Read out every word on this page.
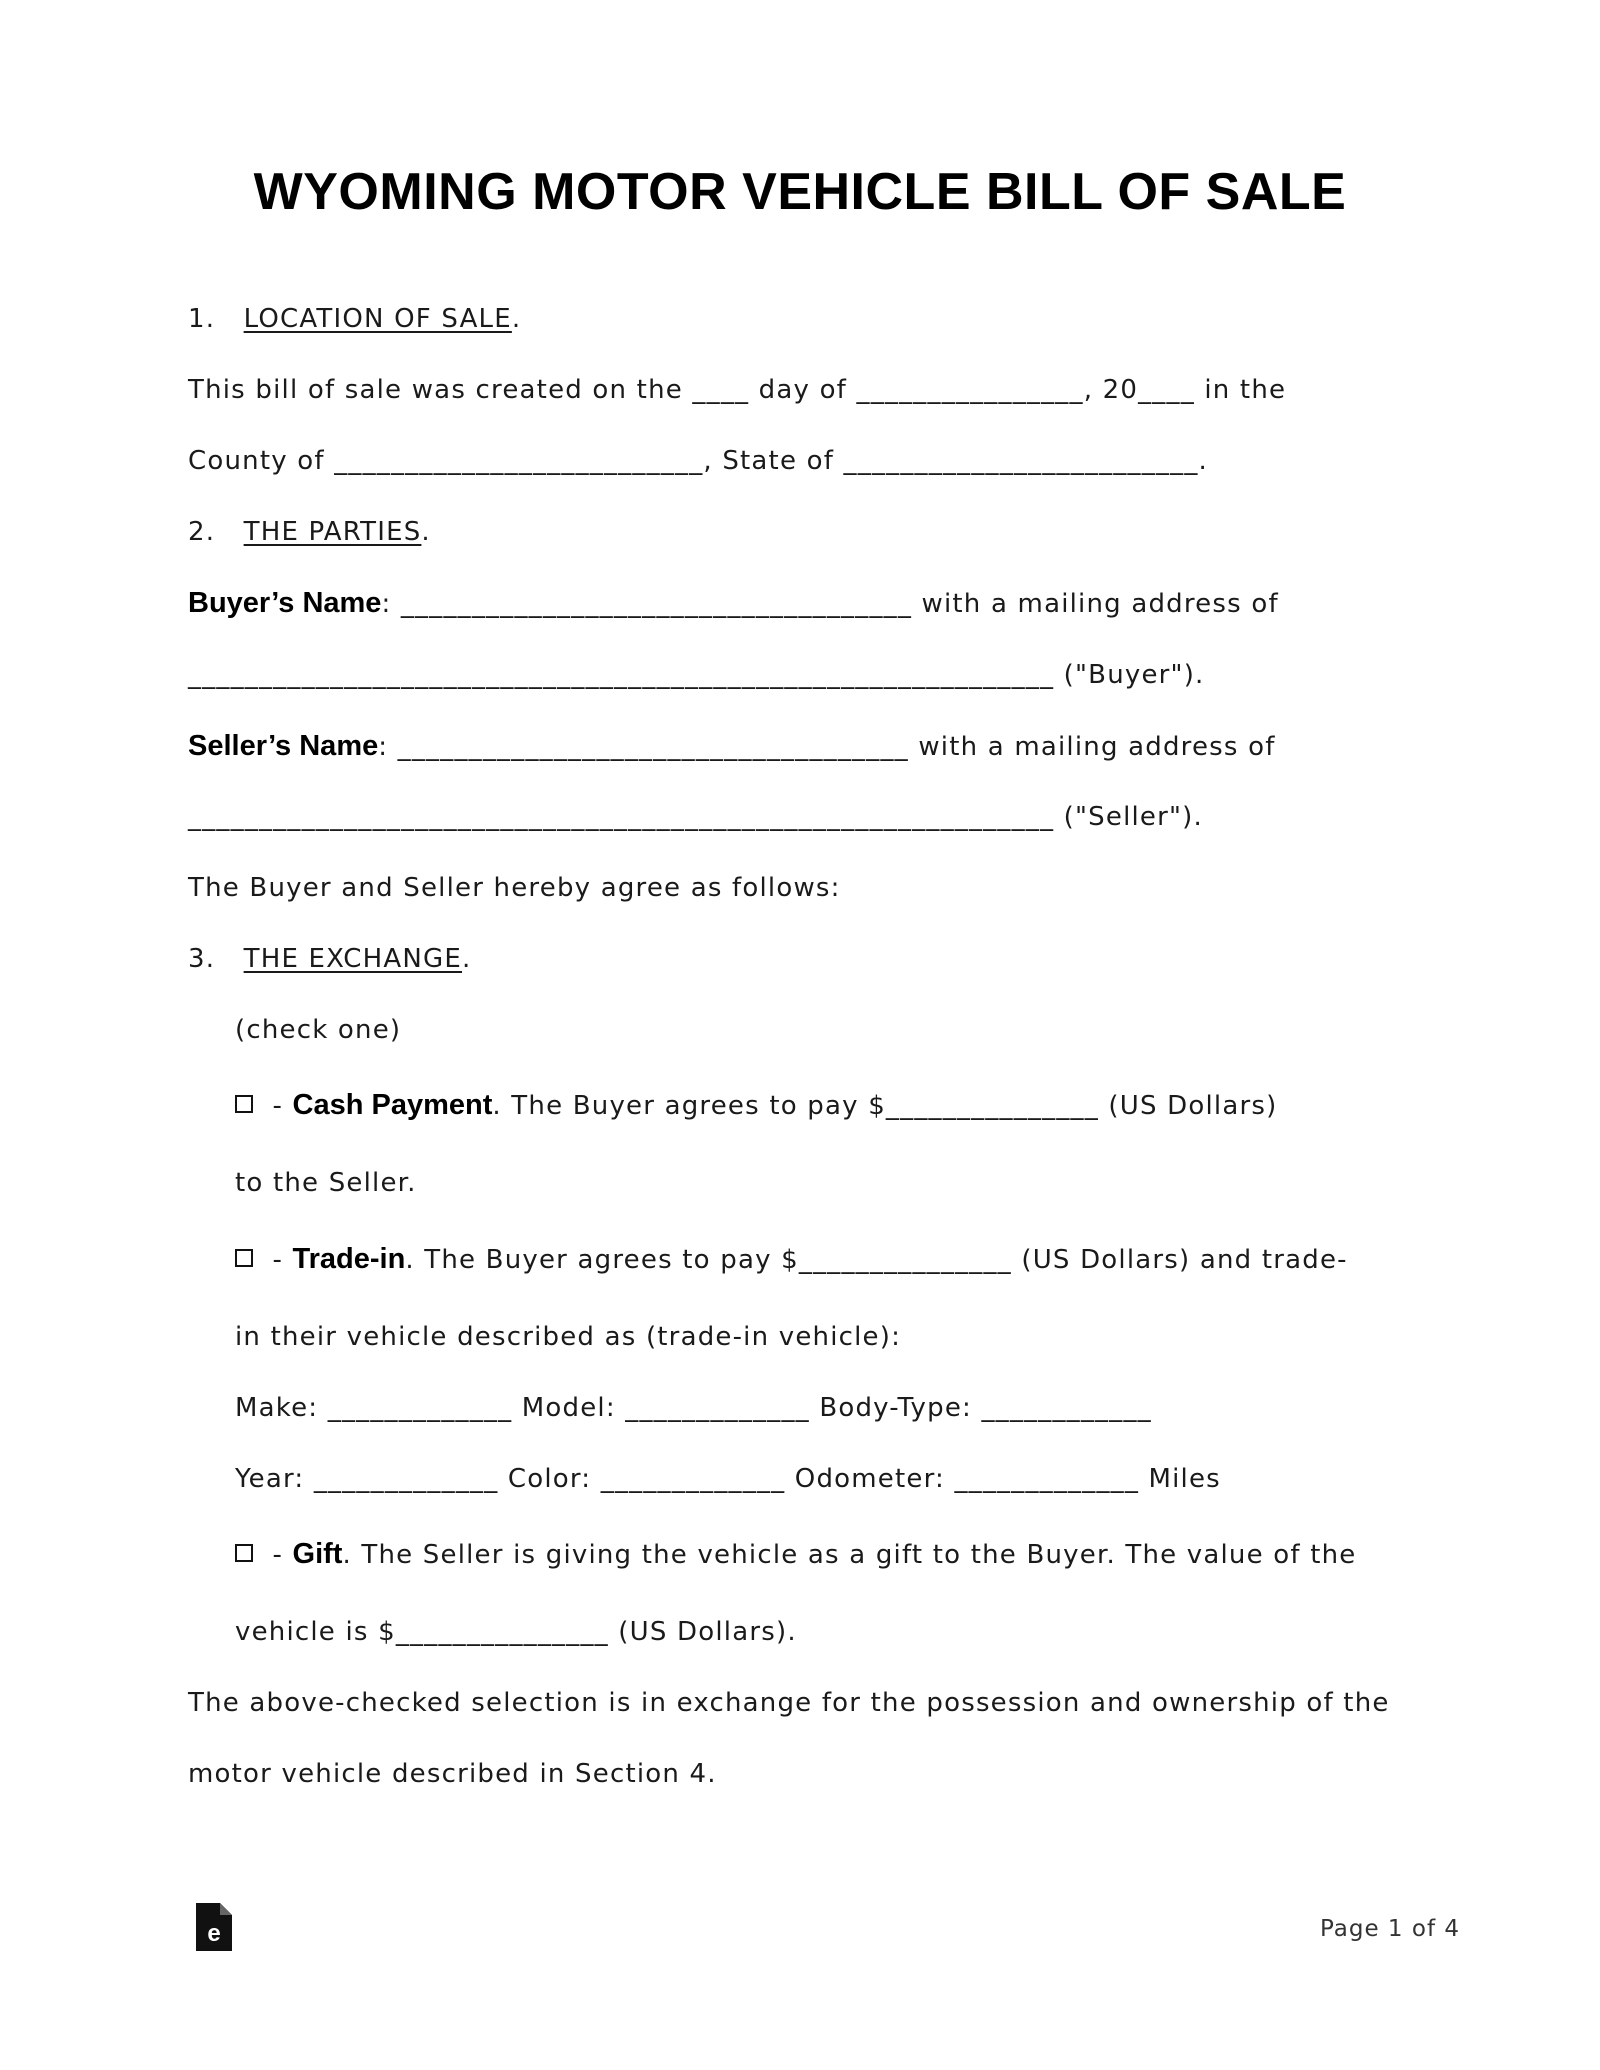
WYOMING MOTOR VEHICLE BILL OF SALE
1. LOCATION OF SALE.
This bill of sale was created on the ____ day of ________________, 20____ in the
County of __________________________, State of _________________________.
2. THE PARTIES.
Buyer’s Name: ____________________________________ with a mailing address of
_____________________________________________________________ ("Buyer").
Seller’s Name: ____________________________________ with a mailing address of
_____________________________________________________________ ("Seller").
The Buyer and Seller hereby agree as follows:
3. THE EXCHANGE.
(check one)
- Cash Payment. The Buyer agrees to pay $_______________ (US Dollars)
to the Seller.
- Trade-in. The Buyer agrees to pay $_______________ (US Dollars) and trade-
in their vehicle described as (trade-in vehicle):
Make: _____________ Model: _____________ Body-Type: ____________
Year: _____________ Color: _____________ Odometer: _____________ Miles
- Gift. The Seller is giving the vehicle as a gift to the Buyer. The value of the
vehicle is $_______________ (US Dollars).
The above-checked selection is in exchange for the possession and ownership of the
motor vehicle described in Section 4.
e	Page 1 of 4
